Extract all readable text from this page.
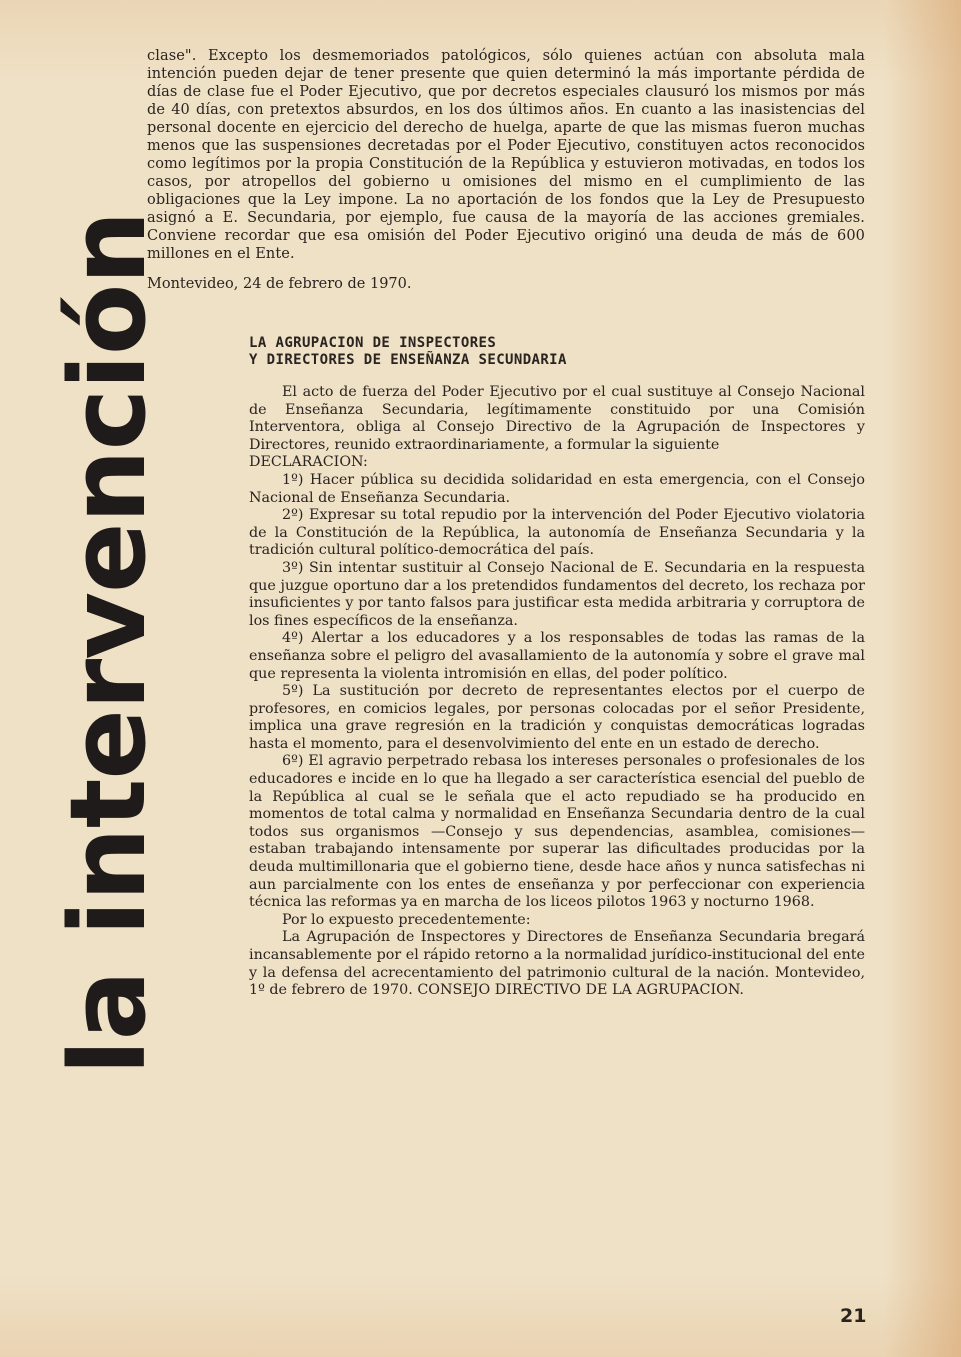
clase". Excepto los desmemoriados patológicos, sólo quienes actúan con absoluta mala intención pueden dejar de tener presente que quien determinó la más importante pérdida de días de clase fue el Poder Ejecutivo, que por decretos especiales clausuró los mismos por más de 40 días, con pretextos absurdos, en los dos últimos años. En cuanto a las inasistencias del personal docente en ejercicio del derecho de huelga, aparte de que las mismas fueron muchas menos que las suspensiones decretadas por el Poder Ejecutivo, constituyen actos reconocidos como legítimos por la propia Constitución de la República y estuvieron motivadas, en todos los casos, por atropellos del gobierno u omisiones del mismo en el cumplimiento de las obligaciones que la Ley impone. La no aportación de los fondos que la Ley de Presupuesto asignó a E. Secundaria, por ejemplo, fue causa de la mayoría de las acciones gremiales. Conviene recordar que esa omisión del Poder Ejecutivo originó una deuda de más de 600 millones en el Ente.

Montevideo, 24 de febrero de 1970.
LA AGRUPACION DE INSPECTORES
Y DIRECTORES DE ENSEÑANZA SECUNDARIA

El acto de fuerza del Poder Ejecutivo por el cual sustituye al Consejo Nacional de Enseñanza Secundaria, legítimamente constituido por una Comisión Interventora, obliga al Consejo Directivo de la Agrupación de Inspectores y Directores, reunido extraordinariamente, a formular la siguiente

DECLARACION:

1º) Hacer pública su decidida solidaridad en esta emergencia, con el Consejo Nacional de Enseñanza Secundaria.

2º) Expresar su total repudio por la intervención del Poder Ejecutivo violatoria de la Constitución de la República, la autonomía de Enseñanza Secundaria y la tradición cultural político-democrática del país.

3º) Sin intentar sustituir al Consejo Nacional de E. Secundaria en la respuesta que juzgue oportuno dar a los pretendidos fundamentos del decreto, los rechaza por insuficientes y por tanto falsos para justificar esta medida arbitraria y corruptora de los fines específicos de la enseñanza.

4º) Alertar a los educadores y a los responsables de todas las ramas de la enseñanza sobre el peligro del avasallamiento de la autonomía y sobre el grave mal que representa la violenta intromisión en ellas, del poder político.

5º) La sustitución por decreto de representantes electos por el cuerpo de profesores, en comicios legales, por personas colocadas por el señor Presidente, implica una grave regresión en la tradición y conquistas democráticas logradas hasta el momento, para el desenvolvimiento del ente en un estado de derecho.

6º) El agravio perpetrado rebasa los intereses personales o profesionales de los educadores e incide en lo que ha llegado a ser característica esencial del pueblo de la República al cual se le señala que el acto repudiado se ha producido en momentos de total calma y normalidad en Enseñanza Secundaria dentro de la cual todos sus organismos —Consejo y sus dependencias, asamblea, comisiones— estaban trabajando intensamente por superar las dificultades producidas por la deuda multimillonaria que el gobierno tiene, desde hace años y nunca satisfechas ni aun parcialmente con los entes de enseñanza y por perfeccionar con experiencia técnica las reformas ya en marcha de los liceos pilotos 1963 y nocturno 1968.

Por lo expuesto precedentemente:

La Agrupación de Inspectores y Directores de Enseñanza Secundaria bregará incansablemente por el rápido retorno a la normalidad jurídico-institucional del ente y la defensa del acrecentamiento del patrimonio cultural de la nación. Montevideo, 1º de febrero de 1970. CONSEJO DIRECTIVO DE LA AGRUPACION.

la intervención
21
